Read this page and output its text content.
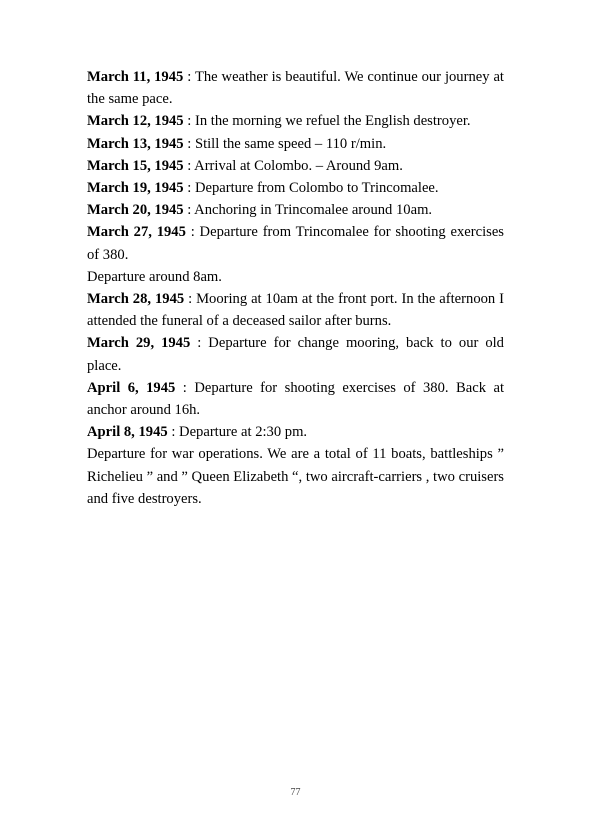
March 11, 1945 : The weather is beautiful. We continue our journey at the same pace.

March 12, 1945 : In the morning we refuel the English destroyer.

March 13, 1945 : Still the same speed – 110 r/min.

March 15, 1945 : Arrival at Colombo. – Around 9am.

March 19, 1945 : Departure from Colombo to Trincomalee.

March 20, 1945 : Anchoring in Trincomalee around 10am.

March 27, 1945 : Departure from Trincomalee for shooting exercises of 380.

Departure around 8am.

March 28, 1945 : Mooring at 10am at the front port. In the afternoon I attended the funeral of a deceased sailor after burns.

March 29, 1945 : Departure for change mooring, back to our old place.

April 6, 1945 : Departure for shooting exercises of 380. Back at anchor around 16h.

April 8, 1945 : Departure at 2:30 pm.

Departure for war operations. We are a total of 11 boats, battleships ” Richelieu ” and ” Queen Elizabeth “, two aircraft-carriers , two cruisers and five destroyers.

77
